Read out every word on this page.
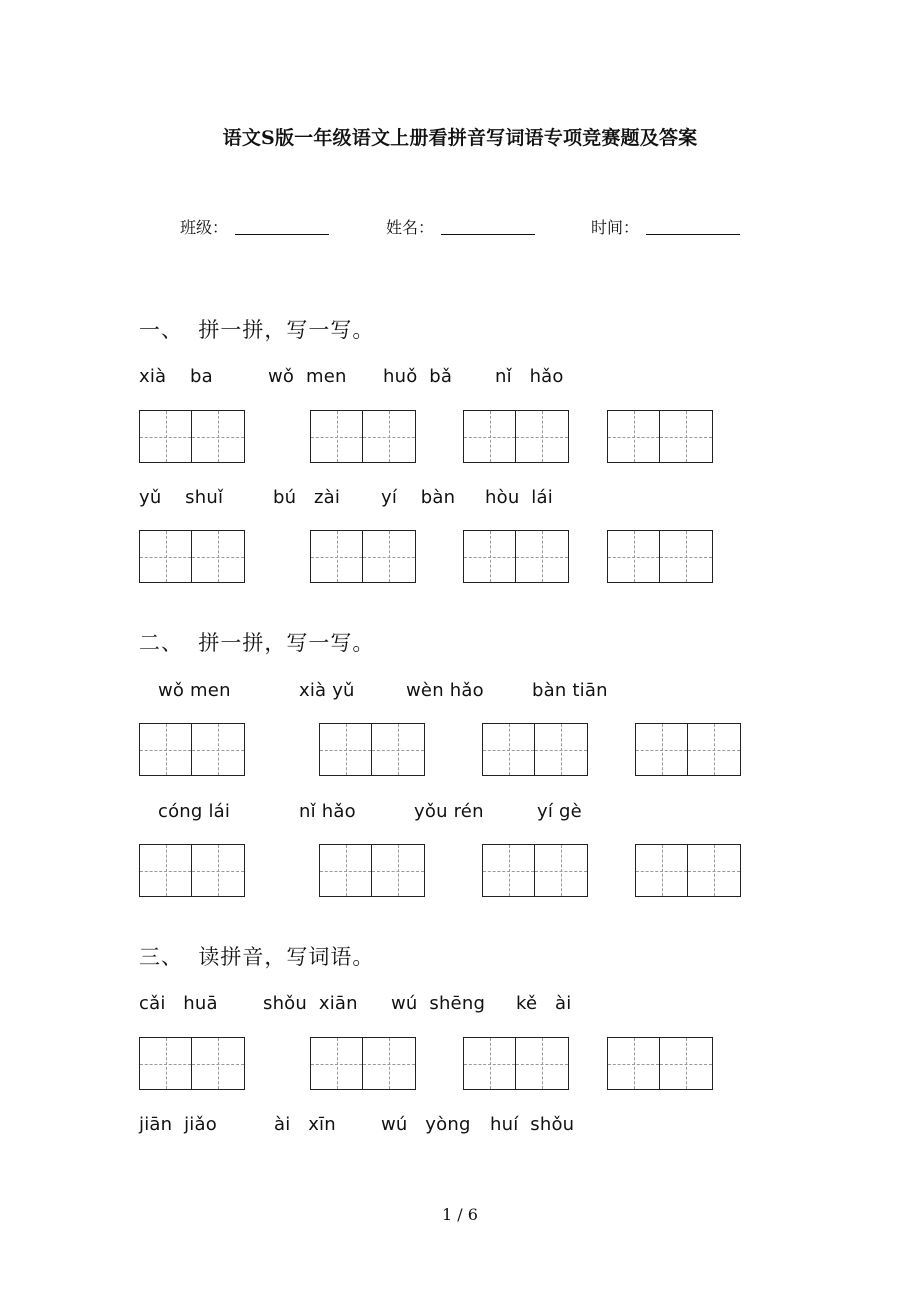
语文S版一年级语文上册看拼音写词语专项竞赛题及答案
班级：	姓名：	时间：
一、  拼一拼，写一写。
xià    ba	wǒ  men huǒ  bǎ nǐ   hǎo
yǔ    shuǐ	bú   zài yí    bàn hòu  lái
二、  拼一拼，写一写。
wǒ men	xià yǔ	wèn hǎo	bàn tiān
cóng lái	nǐ hǎo	yǒu rén	yí gè
三、  读拼音，写词语。
cǎi   huā	shǒu  xiān wú  shēng kě   ài
jiān  jiǎo	ài   xīn	wú   yòng huí  shǒu
1 / 6
